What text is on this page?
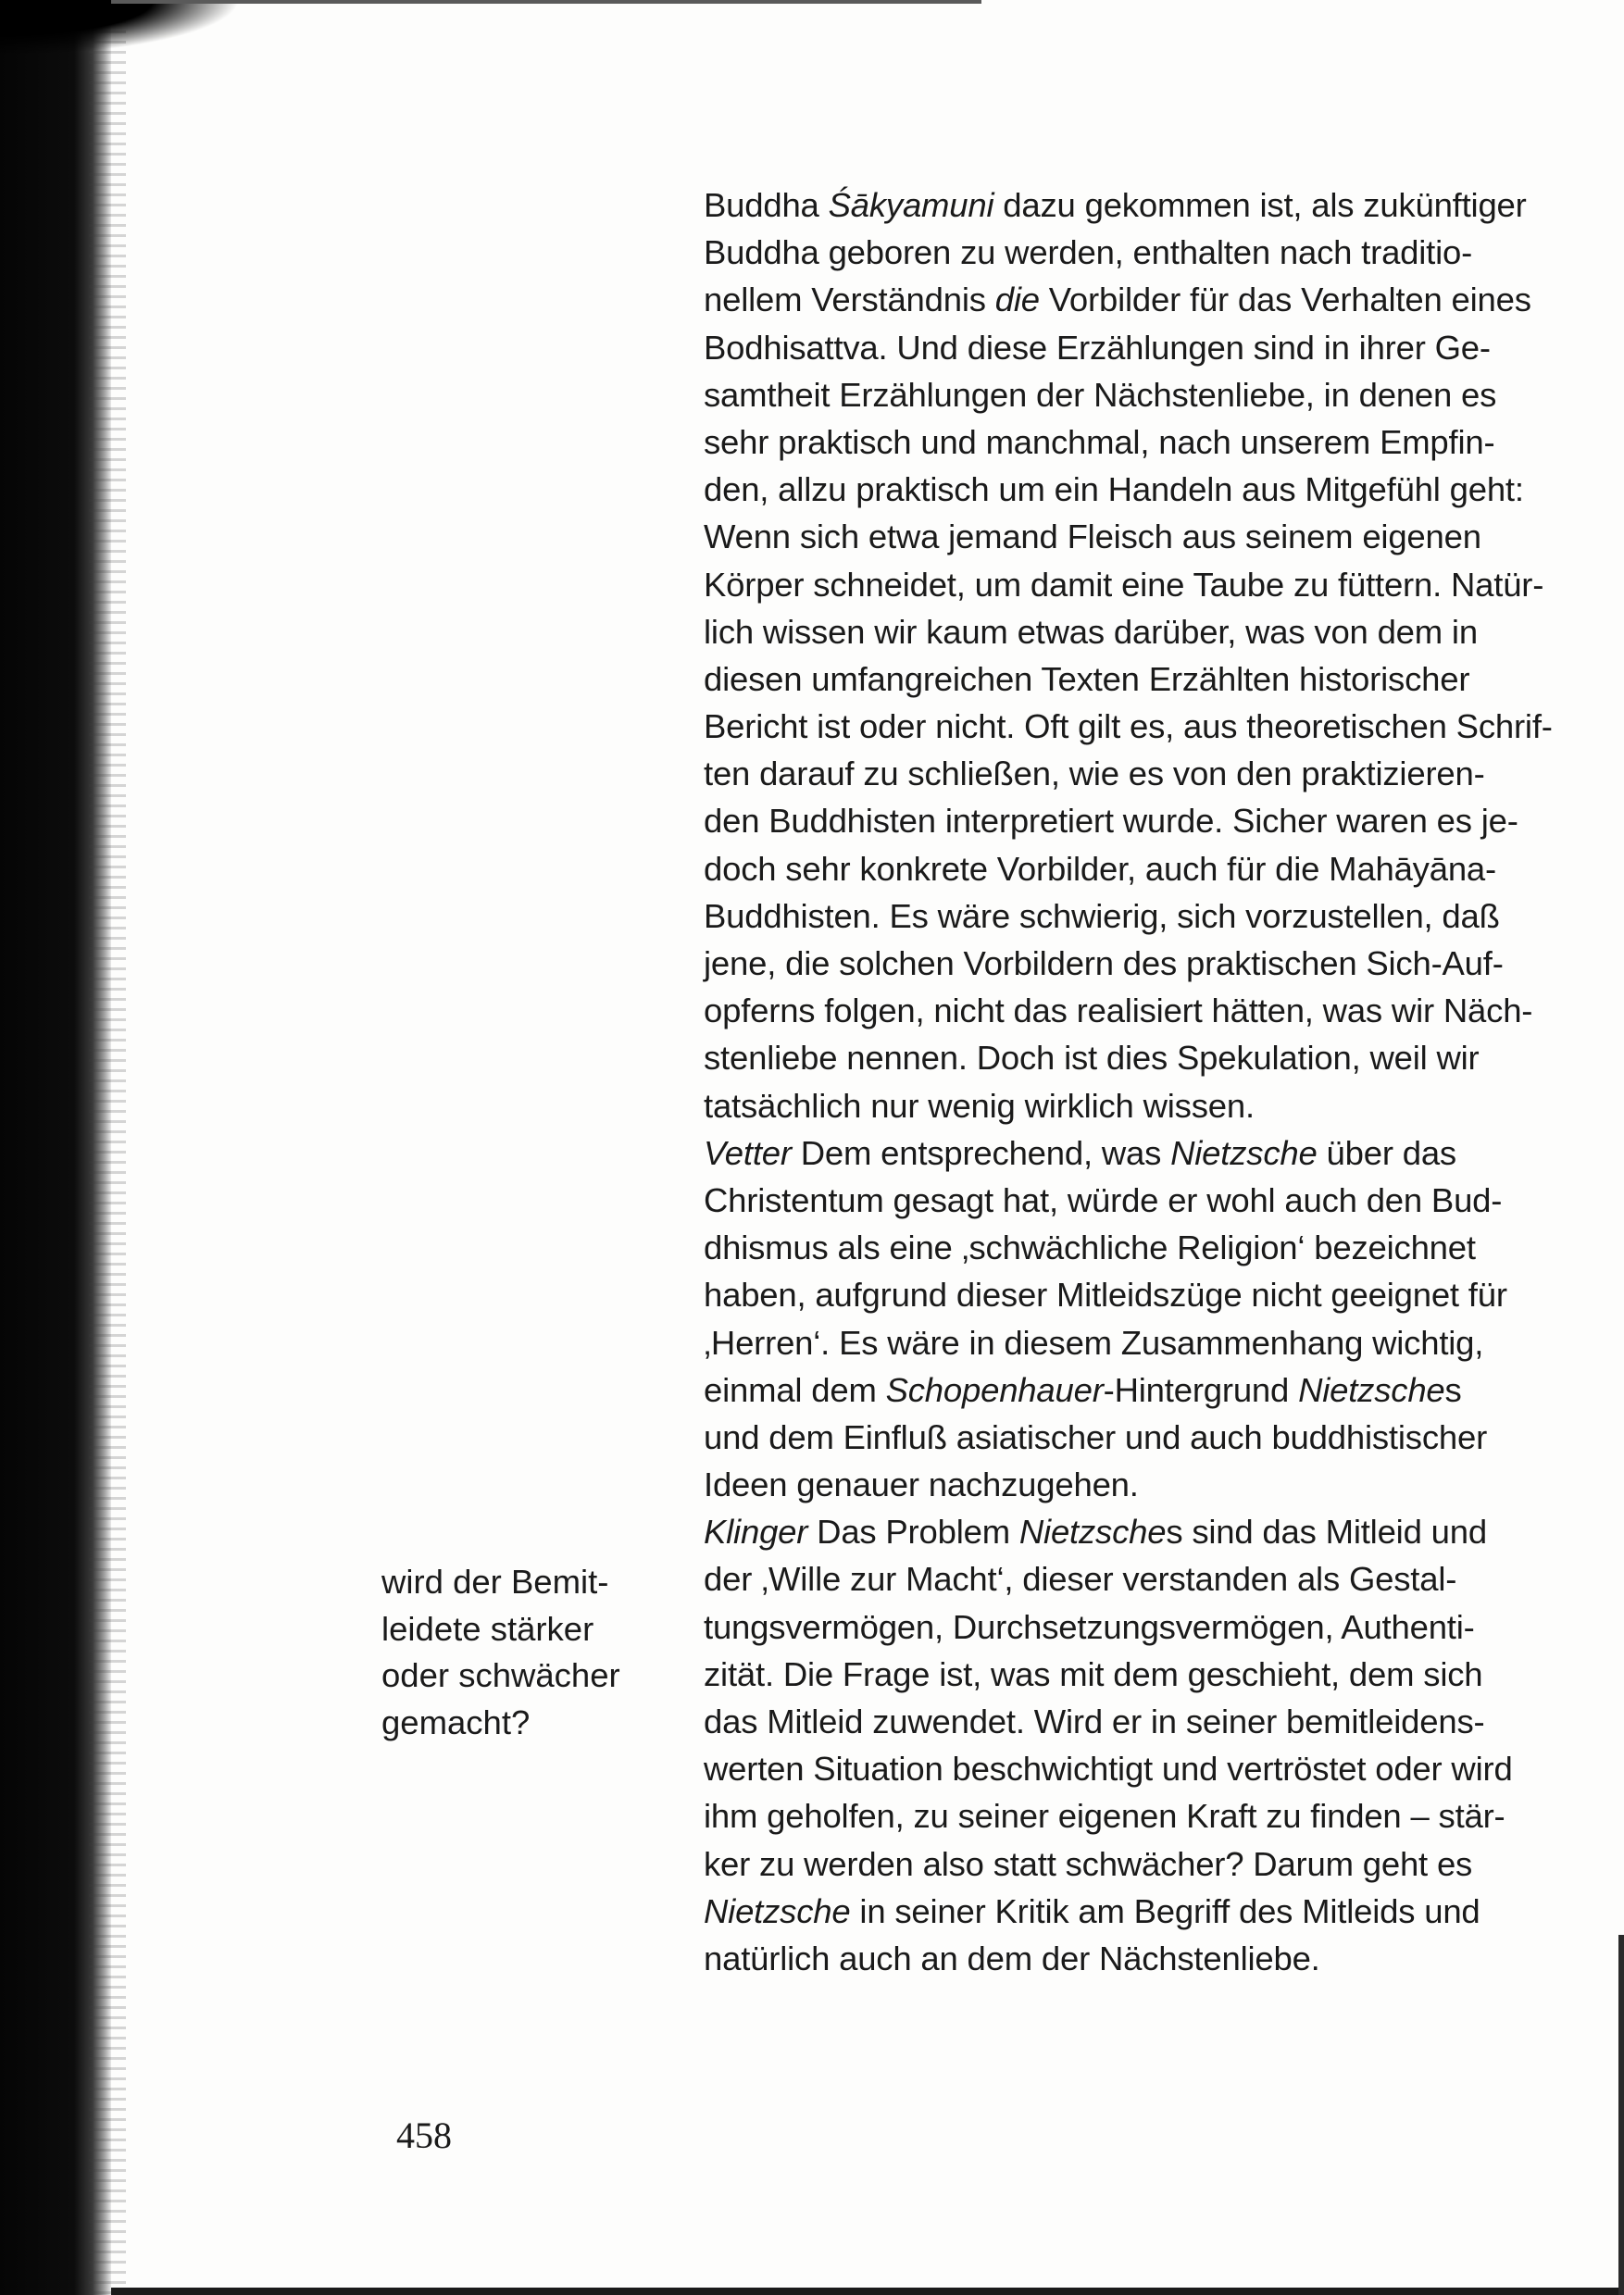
Buddha Śākyamuni dazu gekommen ist, als zukünftiger
Buddha geboren zu werden, enthalten nach traditio-
nellem Verständnis die Vorbilder für das Verhalten eines
Bodhisattva. Und diese Erzählungen sind in ihrer Ge-
samtheit Erzählungen der Nächstenliebe, in denen es
sehr praktisch und manchmal, nach unserem Empfin-
den, allzu praktisch um ein Handeln aus Mitgefühl geht:
Wenn sich etwa jemand Fleisch aus seinem eigenen
Körper schneidet, um damit eine Taube zu füttern. Natür-
lich wissen wir kaum etwas darüber, was von dem in
diesen umfangreichen Texten Erzählten historischer
Bericht ist oder nicht. Oft gilt es, aus theoretischen Schrif-
ten darauf zu schließen, wie es von den praktizieren-
den Buddhisten interpretiert wurde. Sicher waren es je-
doch sehr konkrete Vorbilder, auch für die Mahāyāna-
Buddhisten. Es wäre schwierig, sich vorzustellen, daß
jene, die solchen Vorbildern des praktischen Sich-Auf-
opferns folgen, nicht das realisiert hätten, was wir Näch-
stenliebe nennen. Doch ist dies Spekulation, weil wir
tatsächlich nur wenig wirklich wissen.
Vetter Dem entsprechend, was Nietzsche über das
Christentum gesagt hat, würde er wohl auch den Bud-
dhismus als eine ‚schwächliche Religion‘ bezeichnet
haben, aufgrund dieser Mitleidszüge nicht geeignet für
‚Herren‘. Es wäre in diesem Zusammenhang wichtig,
einmal dem Schopenhauer-Hintergrund Nietzsches
und dem Einfluß asiatischer und auch buddhistischer
Ideen genauer nachzugehen.
Klinger Das Problem Nietzsches sind das Mitleid und
der ‚Wille zur Macht‘, dieser verstanden als Gestal-
tungsvermögen, Durchsetzungsvermögen, Authenti-
zität. Die Frage ist, was mit dem geschieht, dem sich
das Mitleid zuwendet. Wird er in seiner bemitleidens-
werten Situation beschwichtigt und vertröstet oder wird
ihm geholfen, zu seiner eigenen Kraft zu finden – stär-
ker zu werden also statt schwächer? Darum geht es
Nietzsche in seiner Kritik am Begriff des Mitleids und
natürlich auch an dem der Nächstenliebe.
wird der Bemit-
leidete stärker
oder schwächer
gemacht?
458
